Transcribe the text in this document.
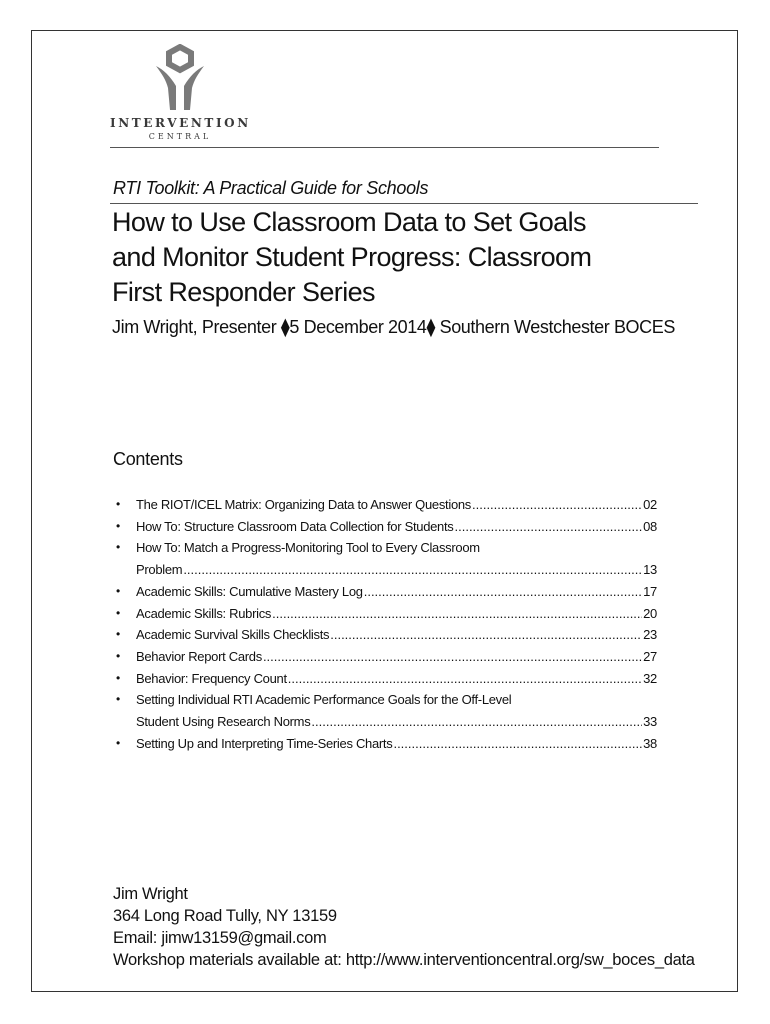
INTERVENTION
CENTRAL
RTI Toolkit: A Practical Guide for Schools
How to Use Classroom Data to Set Goals
and Monitor Student Progress: Classroom
First Responder Series
Jim Wright, Presenter ⧫5 December 2014⧫ Southern Westchester BOCES
Contents
• The RIOT/ICEL Matrix: Organizing Data to Answer Questions .....	02
• How To: Structure Classroom Data Collection for Students .....	08
• How To: Match a Progress-Monitoring Tool to Every Classroom
Problem .....	13
• Academic Skills: Cumulative Mastery Log .....	17
• Academic Skills: Rubrics .....	20
• Academic Survival Skills Checklists .....	23
• Behavior Report Cards .....	27
• Behavior: Frequency Count .....	32
• Setting Individual RTI Academic Performance Goals for the Off-Level
Student Using Research Norms .....	33
• Setting Up and Interpreting Time-Series Charts .....	38
Jim Wright
364 Long Road Tully, NY 13159
Email: jimw13159@gmail.com
Workshop materials available at: http://www.interventioncentral.org/sw_boces_data
